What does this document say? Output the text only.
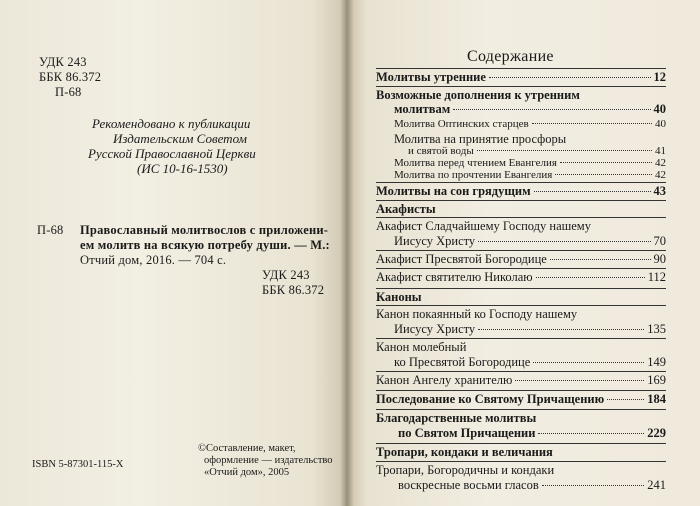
УДК 243
ББК 86.372
П-68
Рекомендовано к публикации
Издательским Советом
Русской Православной Церкви
(ИС 10-16-1530)
П-68 Православный молитвослов с приложени-
ем молитв на всякую потребу души. — М.:
Отчий дом, 2016. — 704 с.
УДК 243
ББК 86.372
ISBN 5-87301-115-X
©Составление, макет,
оформление — издательство
«Отчий дом», 2005
Содержание
Молитвы утренние	12
Возможные дополнения к утренним
молитвам	40
Молитва Оптинских старцев	40
Молитва на принятие просфоры
и святой воды	41
Молитва перед чтением Евангелия	42
Молитва по прочтении Евангелия	42
Молитвы на сон грядущим	43
Акафисты
Акафист Сладчайшему Господу нашему
Иисусу Христу	70
Акафист Пресвятой Богородице	90
Акафист святителю Николаю	112
Каноны
Канон покаянный ко Господу нашему
Иисусу Христу	135
Канон молебный
ко Пресвятой Богородице	149
Канон Ангелу хранителю	169
Последование ко Святому Причащению	184
Благодарственные молитвы
по Святом Причащении	229
Тропари, кондаки и величания
Тропари, Богородичны и кондаки
воскресные восьми гласов	241
